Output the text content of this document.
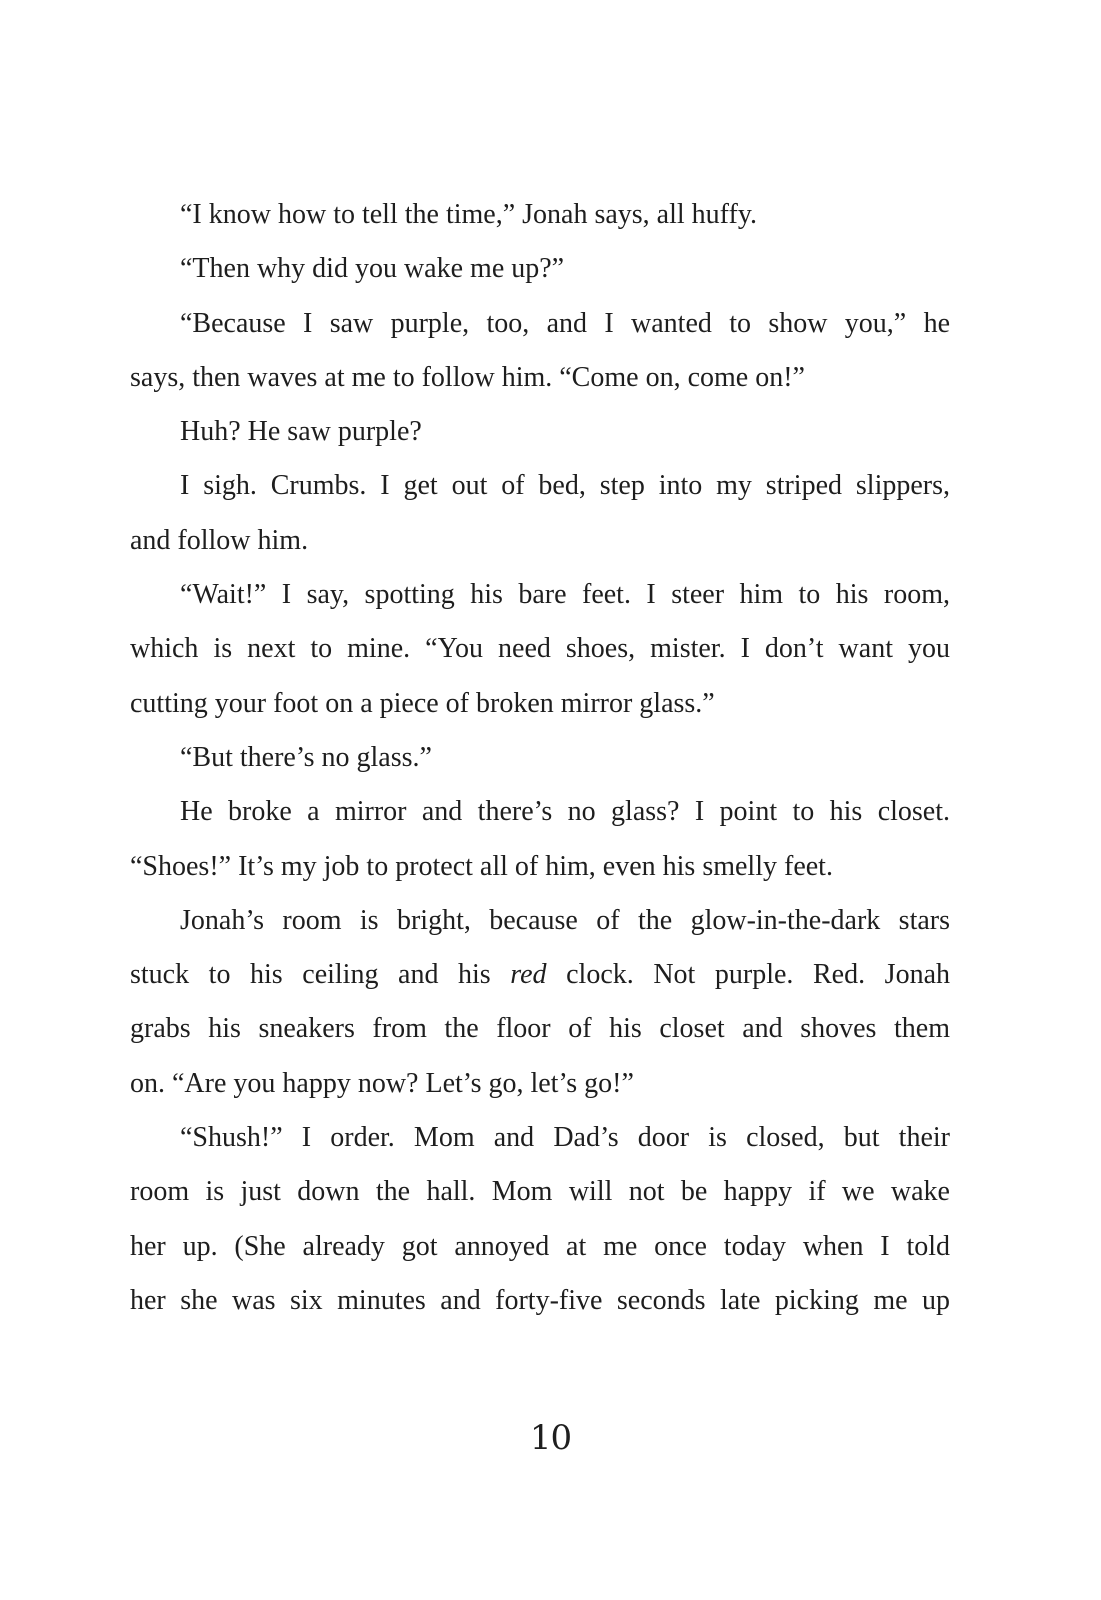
“I know how to tell the time,” Jonah says, all huffy.
“Then why did you wake me up?”
“Because I saw purple, too, and I wanted to show you,” he
says, then waves at me to follow him. “Come on, come on!”
Huh? He saw purple?
I sigh. Crumbs. I get out of bed, step into my striped slippers,
and follow him.
“Wait!” I say, spotting his bare feet. I steer him to his room,
which is next to mine. “You need shoes, mister. I don’t want you
cutting your foot on a piece of broken mirror glass.”
“But there’s no glass.”
He broke a mirror and there’s no glass? I point to his closet.
“Shoes!” It’s my job to protect all of him, even his smelly feet.
Jonah’s room is bright, because of the glow-in-the-dark stars
stuck to his ceiling and his red clock. Not purple. Red. Jonah
grabs his sneakers from the floor of his closet and shoves them
on. “Are you happy now? Let’s go, let’s go!”
“Shush!” I order. Mom and Dad’s door is closed, but their
room is just down the hall. Mom will not be happy if we wake
her up. (She already got annoyed at me once today when I told
her she was six minutes and forty-five seconds late picking me up
10
